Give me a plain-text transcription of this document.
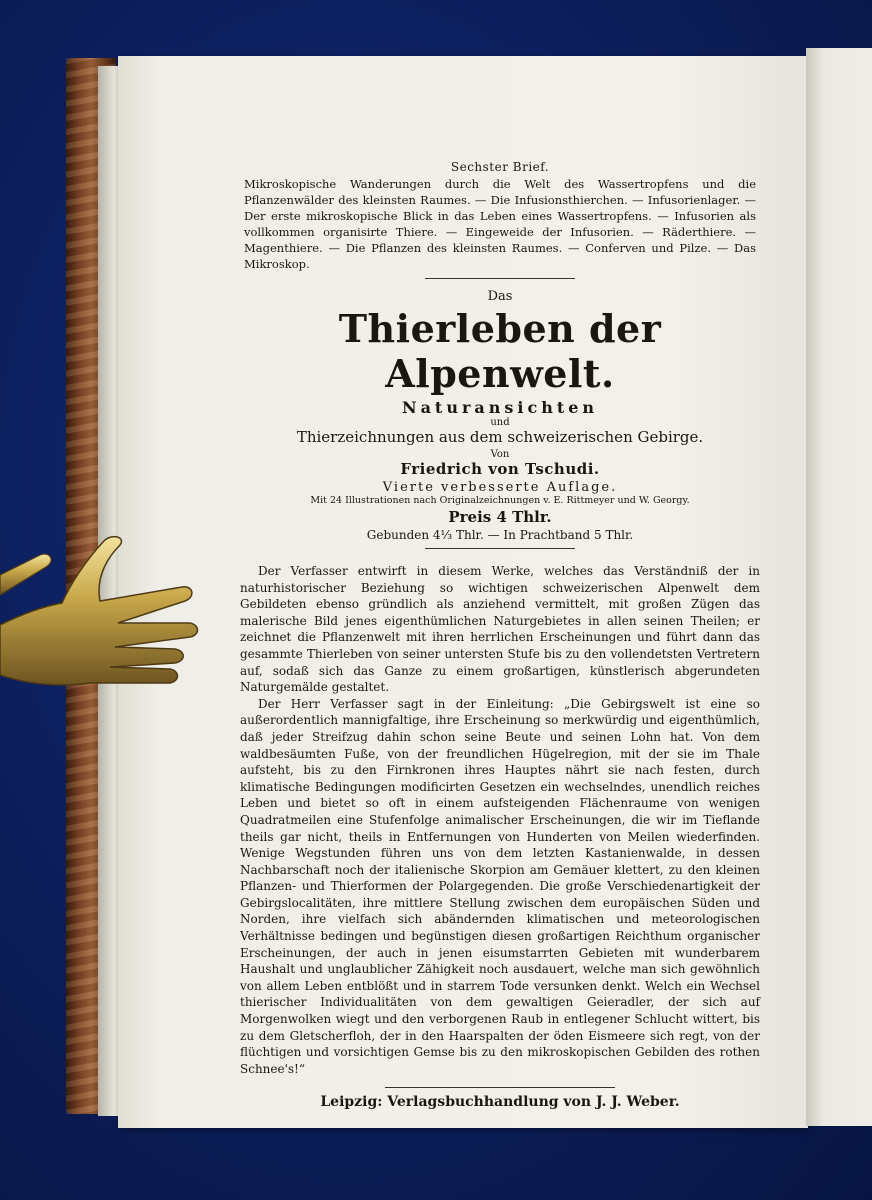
Sechster Brief.
Mikroskopische Wanderungen durch die Welt des Wassertropfens und die Pflanzenwälder des kleinsten Raumes. — Die Infusionsthierchen. — Infusorienlager. — Der erste mikroskopische Blick in das Leben eines Wassertropfens. — Infusorien als vollkommen organisirte Thiere. — Eingeweide der Infusorien. — Räderthiere. — Magenthiere. — Die Pflanzen des kleinsten Raumes. — Conferven und Pilze. — Das Mikroskop.
Das
Thierleben der Alpenwelt.
Naturansichten
und
Thierzeichnungen aus dem schweizerischen Gebirge.
Von
Friedrich von Tschudi.
Vierte verbesserte Auflage.
Mit 24 Illustrationen nach Originalzeichnungen v. E. Rittmeyer und W. Georgy.
Preis 4 Thlr.
Gebunden 4⅓ Thlr. — In Prachtband 5 Thlr.

Der Verfasser entwirft in diesem Werke, welches das Verständniß der in naturhistorischer Beziehung so wichtigen schweizerischen Alpenwelt dem Gebildeten ebenso gründlich als anziehend vermittelt, mit großen Zügen das malerische Bild jenes eigenthümlichen Naturgebietes in allen seinen Theilen; er zeichnet die Pflanzenwelt mit ihren herrlichen Erscheinungen und führt dann das gesammte Thierleben von seiner untersten Stufe bis zu den vollendetsten Vertretern auf, sodaß sich das Ganze zu einem großartigen, künstlerisch abgerundeten Naturgemälde gestaltet.

Der Herr Verfasser sagt in der Einleitung: „Die Gebirgswelt ist eine so außerordentlich mannigfaltige, ihre Erscheinung so merkwürdig und eigenthümlich, daß jeder Streifzug dahin schon seine Beute und seinen Lohn hat. Von dem waldbesäumten Fuße, von der freundlichen Hügelregion, mit der sie im Thale aufsteht, bis zu den Firnkronen ihres Hauptes nährt sie nach festen, durch klimatische Bedingungen modificirten Gesetzen ein wechselndes, unendlich reiches Leben und bietet so oft in einem aufsteigenden Flächenraume von wenigen Quadratmeilen eine Stufenfolge animalischer Erscheinungen, die wir im Tieflande theils gar nicht, theils in Entfernungen von Hunderten von Meilen wiederfinden. Wenige Wegstunden führen uns von dem letzten Kastanienwalde, in dessen Nachbarschaft noch der italienische Skorpion am Gemäuer klettert, zu den kleinen Pflanzen- und Thierformen der Polargegenden. Die große Verschiedenartigkeit der Gebirgslocalitäten, ihre mittlere Stellung zwischen dem europäischen Süden und Norden, ihre vielfach sich abändernden klimatischen und meteorologischen Verhältnisse bedingen und begünstigen diesen großartigen Reichthum organischer Erscheinungen, der auch in jenen eisumstarrten Gebieten mit wunderbarem Haushalt und unglaublicher Zähigkeit noch ausdauert, welche man sich gewöhnlich von allem Leben entblößt und in starrem Tode versunken denkt. Welch ein Wechsel thierischer Individualitäten von dem gewaltigen Geieradler, der sich auf Morgenwolken wiegt und den verborgenen Raub in entlegener Schlucht wittert, bis zu dem Gletscherfloh, der in den Haarspalten der öden Eismeere sich regt, von der flüchtigen und vorsichtigen Gemse bis zu den mikroskopischen Gebilden des rothen Schnee's!“

Leipzig: Verlagsbuchhandlung von J. J. Weber.
